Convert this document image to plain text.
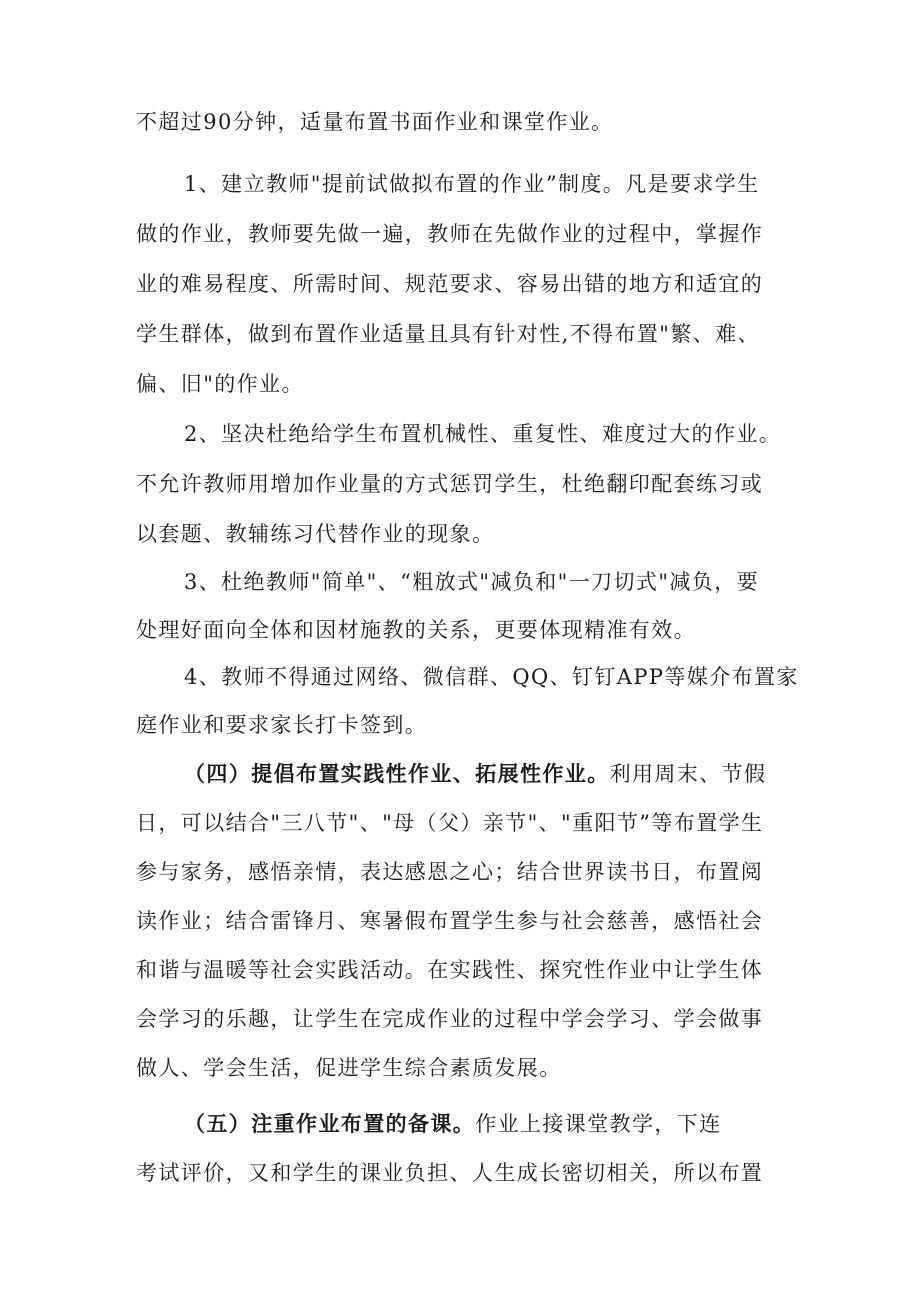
不超过90分钟，适量布置书面作业和课堂作业。
1、建立教师"提前试做拟布置的作业”制度。凡是要求学生
做的作业，教师要先做一遍，教师在先做作业的过程中，掌握作
业的难易程度、所需时间、规范要求、容易出错的地方和适宜的
学生群体，做到布置作业适量且具有针对性,不得布置"繁、难、
偏、旧"的作业。
2、坚决杜绝给学生布置机械性、重复性、难度过大的作业。
不允许教师用增加作业量的方式惩罚学生，杜绝翻印配套练习或
以套题、教辅练习代替作业的现象。
3、杜绝教师"简单"、“粗放式"减负和"一刀切式"减负，要
处理好面向全体和因材施教的关系，更要体现精准有效。
4、教师不得通过网络、微信群、QQ、钉钉APP等媒介布置家
庭作业和要求家长打卡签到。
（四）提倡布置实践性作业、拓展性作业。利用周末、节假
日，可以结合"三八节"、"母（父）亲节"、"重阳节”等布置学生
参与家务，感悟亲情，表达感恩之心；结合世界读书日，布置阅
读作业；结合雷锋月、寒暑假布置学生参与社会慈善，感悟社会
和谐与温暖等社会实践活动。在实践性、探究性作业中让学生体
会学习的乐趣，让学生在完成作业的过程中学会学习、学会做事
做人、学会生活，促进学生综合素质发展。
（五）注重作业布置的备课。作业上接课堂教学，下连
考试评价，又和学生的课业负担、人生成长密切相关，所以布置
